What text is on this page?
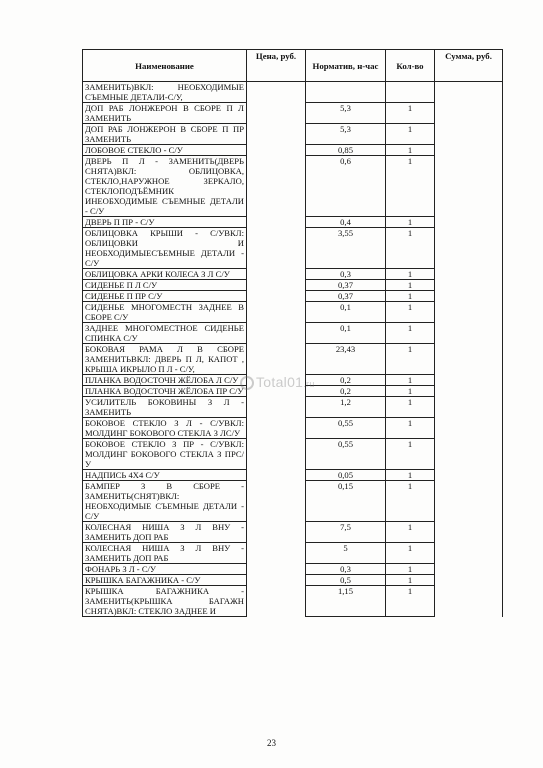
Наименование	Цена, руб.	Норматив, н-час	Кол-во	Сумма, руб.
ЗАМЕНИТЬ)ВКЛ: НЕОБХОДИМЫЕ СЪЕМНЫЕ ДЕТАЛИ-С/У,				
ДОП РАБ ЛОНЖЕРОН В СБОРЕ П Л ЗАМЕНИТЬ		5,3	1	
ДОП РАБ ЛОНЖЕРОН В СБОРЕ П ПР ЗАМЕНИТЬ		5,3	1	
ЛОБОВОЕ СТЕКЛО - С/У		0,85	1	
ДВЕРЬ П Л - ЗАМЕНИТЬ(ДВЕРЬ СНЯТА)ВКЛ: ОБЛИЦОВКА, СТЕКЛО,НАРУЖНОЕ ЗЕРКАЛО, СТЕКЛОПОДЪЁМНИК ИНЕОБХОДИМЫЕ СЪЕМНЫЕ ДЕТАЛИ - С/У		0,6	1	
ДВЕРЬ П ПР - С/У		0,4	1	
ОБЛИЦОВКА КРЫШИ - С/УВКЛ: ОБЛИЦОВКИ И НЕОБХОДИМЫЕСЪЕМНЫЕ ДЕТАЛИ - С/У		3,55	1	
ОБЛИЦОВКА АРКИ КОЛЕСА З Л С/У		0,3	1	
СИДЕНЬЕ П Л С/У		0,37	1	
СИДЕНЬЕ П ПР С/У		0,37	1	
СИДЕНЬЕ МНОГОМЕСТН ЗАДНЕЕ В СБОРЕ С/У		0,1	1	
ЗАДНЕЕ МНОГОМЕСТНОЕ СИДЕНЬЕ СПИНКА С/У		0,1	1	
БОКОВАЯ РАМА Л В СБОРЕ ЗАМЕНИТЬВКЛ: ДВЕРЬ П Л, КАПОТ , КРЫША ИКРЫЛО П Л - С/У,		23,43	1	
ПЛАНКА ВОДОСТОЧН ЖЁЛОБА Л С/У		0,2	1	
ПЛАНКА ВОДОСТОЧН ЖЁЛОБА ПР С/У		0,2	1	
УСИЛИТЕЛЬ БОКОВИНЫ З Л - ЗАМЕНИТЬ		1,2	1	
БОКОВОЕ СТЕКЛО З Л - С/УВКЛ: МОЛДИНГ БОКОВОГО СТЕКЛА З ЛС/У		0,55	1	
БОКОВОЕ СТЕКЛО З ПР - С/УВКЛ: МОЛДИНГ БОКОВОГО СТЕКЛА З ПРС/У		0,55	1	
НАДПИСЬ 4Х4 С/У		0,05	1	
БАМПЕР З В СБОРЕ - ЗАМЕНИТЬ(СНЯТ)ВКЛ: НЕОБХОДИМЫЕ СЪЕМНЫЕ ДЕТАЛИ - С/У		0,15	1	
КОЛЕСНАЯ НИША З Л ВНУ - ЗАМЕНИТЬ ДОП РАБ		7,5	1	
КОЛЕСНАЯ НИША З Л ВНУ - ЗАМЕНИТЬ ДОП РАБ		5	1	
ФОНАРЬ З Л - С/У		0,3	1	
КРЫШКА БАГАЖНИКА - С/У		0,5	1	
КРЫШКА БАГАЖНИКА - ЗАМЕНИТЬ(КРЫШКА БАГАЖН СНЯТА)ВКЛ: СТЕКЛО ЗАДНЕЕ И		1,15	1	
Total01.ru
23
